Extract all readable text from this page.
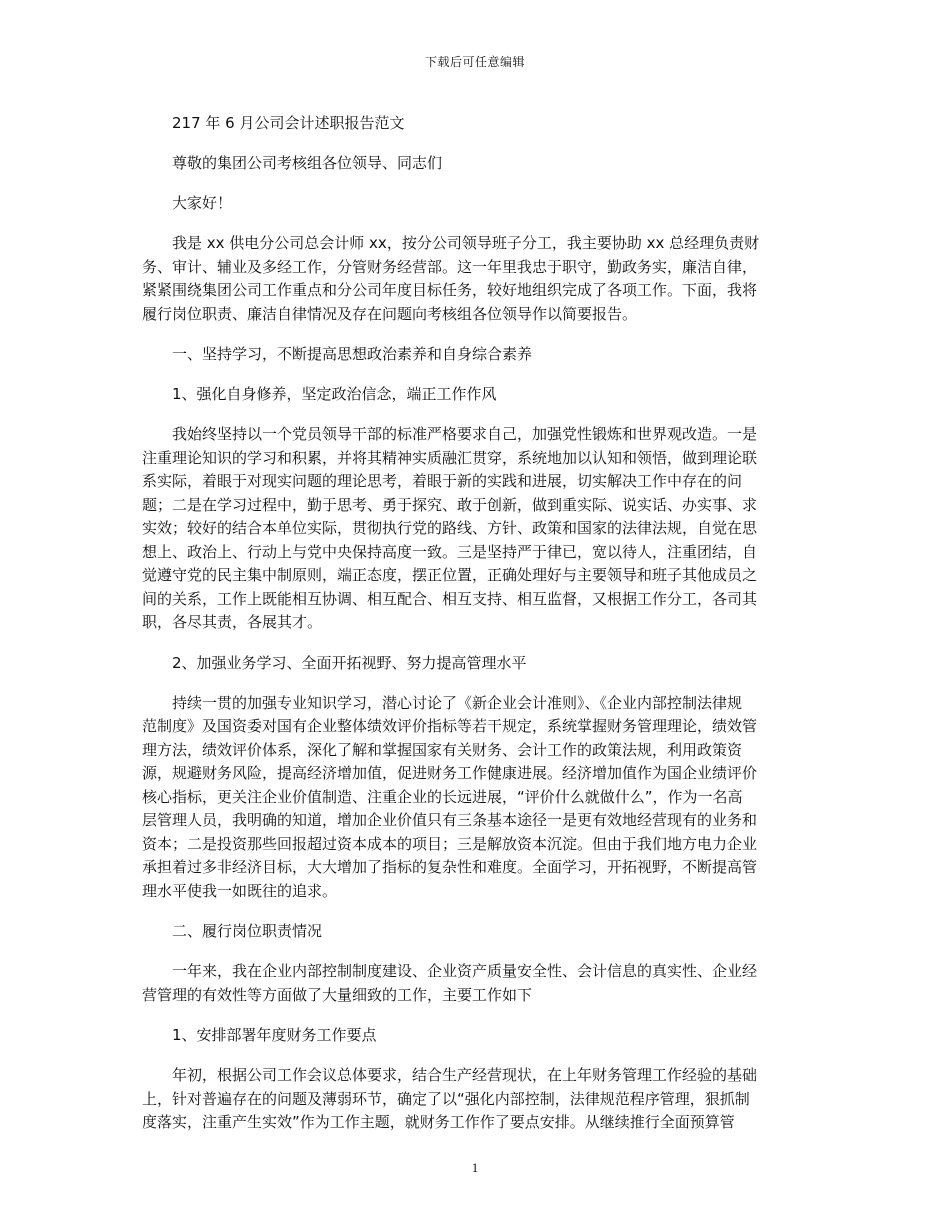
下载后可任意编辑
217 年 6 月公司会计述职报告范文
尊敬的集团公司考核组各位领导、同志们
大家好！
　　我是 xx 供电分公司总会计师 xx，按分公司领导班子分工，我主要协助 xx 总经理负责财
务、审计、辅业及多经工作，分管财务经营部。这一年里我忠于职守，勤政务实，廉洁自律，
紧紧围绕集团公司工作重点和分公司年度目标任务，较好地组织完成了各项工作。下面，我将
履行岗位职责、廉洁自律情况及存在问题向考核组各位领导作以简要报告。
一、坚持学习，不断提高思想政治素养和自身综合素养
1、强化自身修养，坚定政治信念，端正工作作风
　　我始终坚持以一个党员领导干部的标准严格要求自己，加强党性锻炼和世界观改造。一是
注重理论知识的学习和积累，并将其精神实质融汇贯穿，系统地加以认知和领悟，做到理论联
系实际，着眼于对现实问题的理论思考，着眼于新的实践和进展，切实解决工作中存在的问
题；二是在学习过程中，勤于思考、勇于探究、敢于创新，做到重实际、说实话、办实事、求
实效；较好的结合本单位实际，贯彻执行党的路线、方针、政策和国家的法律法规，自觉在思
想上、政治上、行动上与党中央保持高度一致。三是坚持严于律已，宽以待人，注重团结，自
觉遵守党的民主集中制原则，端正态度，摆正位置，正确处理好与主要领导和班子其他成员之
间的关系，工作上既能相互协调、相互配合、相互支持、相互监督，又根据工作分工，各司其
职，各尽其责，各展其才。
2、加强业务学习、全面开拓视野、努力提高管理水平
　　持续一贯的加强专业知识学习，潜心讨论了《新企业会计准则》、《企业内部控制法律规
范制度》及国资委对国有企业整体绩效评价指标等若干规定，系统掌握财务管理理论，绩效管
理方法，绩效评价体系，深化了解和掌握国家有关财务、会计工作的政策法规，利用政策资
源，规避财务风险，提高经济增加值，促进财务工作健康进展。经济增加值作为国企业绩评价
核心指标，更关注企业价值制造、注重企业的长远进展，“评价什么就做什么”，作为一名高
层管理人员，我明确的知道，增加企业价值只有三条基本途径一是更有效地经营现有的业务和
资本；二是投资那些回报超过资本成本的项目；三是解放资本沉淀。但由于我们地方电力企业
承担着过多非经济目标，大大增加了指标的复杂性和难度。全面学习，开拓视野，不断提高管
理水平使我一如既往的追求。
二、履行岗位职责情况
　　一年来，我在企业内部控制制度建设、企业资产质量安全性、会计信息的真实性、企业经
营管理的有效性等方面做了大量细致的工作，主要工作如下
1、安排部署年度财务工作要点
　　年初，根据公司工作会议总体要求，结合生产经营现状，在上年财务管理工作经验的基础
上，针对普遍存在的问题及薄弱环节，确定了以“强化内部控制，法律规范程序管理，狠抓制
度落实，注重产生实效”作为工作主题，就财务工作作了要点安排。从继续推行全面预算管
1
